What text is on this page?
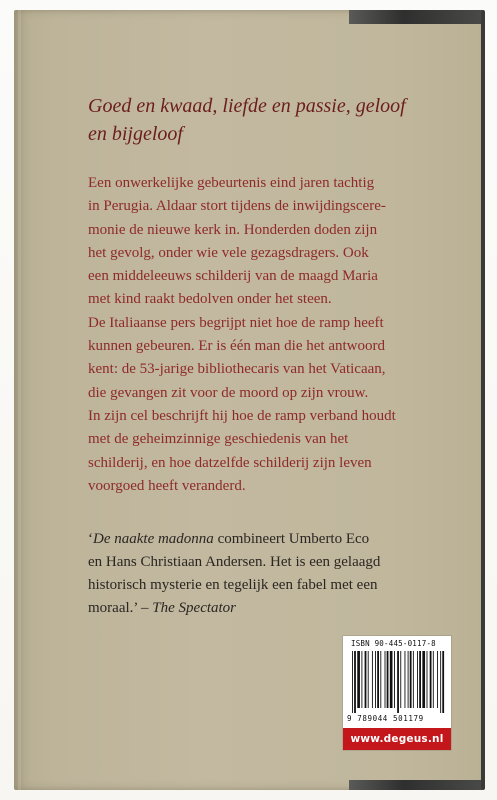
Goed en kwaad, liefde en passie, geloof en bijgeloof

Een onwerkelijke gebeurtenis eind jaren tachtig
in Perugia. Aldaar stort tijdens de inwijdingscere-
monie de nieuwe kerk in. Honderden doden zijn
het gevolg, onder wie vele gezagsdragers. Ook
een middeleeuws schilderij van de maagd Maria
met kind raakt bedolven onder het steen.
De Italiaanse pers begrijpt niet hoe de ramp heeft
kunnen gebeuren. Er is één man die het antwoord
kent: de 53-jarige bibliothecaris van het Vaticaan,
die gevangen zit voor de moord op zijn vrouw.
In zijn cel beschrijft hij hoe de ramp verband houdt
met de geheimzinnige geschiedenis van het
schilderij, en hoe datzelfde schilderij zijn leven
voorgoed heeft veranderd.

‘De naakte madonna combineert Umberto Eco
en Hans Christiaan Andersen. Het is een gelaagd
historisch mysterie en tegelijk een fabel met een
moraal.’ – The Spectator

ISBN 90-445-0117-8
9 789044 501179
www.degeus.nl
